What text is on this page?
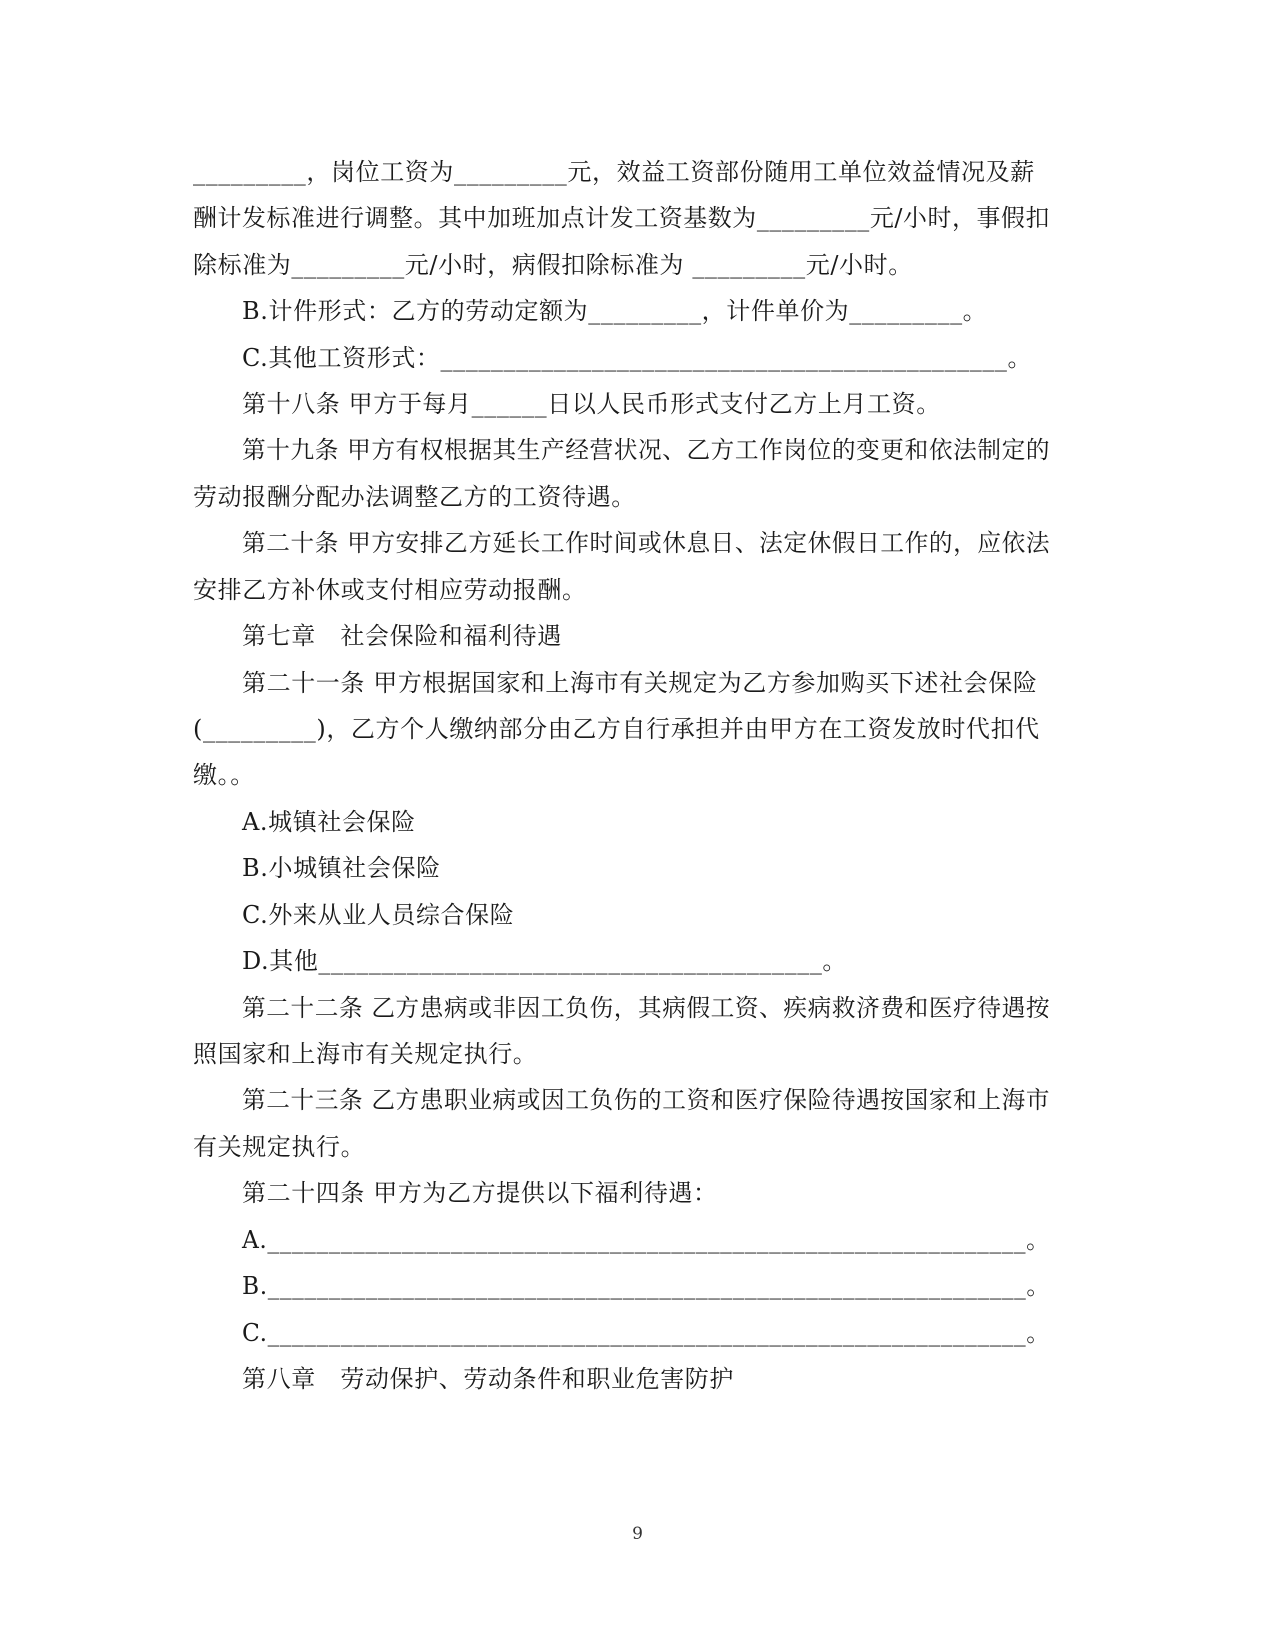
_________，岗位工资为_________元，效益工资部份随用工单位效益情况及薪
酬计发标准进行调整。其中加班加点计发工资基数为_________元/小时，事假扣
除标准为_________元/小时，病假扣除标准为 _________元/小时。
B.计件形式：乙方的劳动定额为_________，计件单价为_________。
C.其他工资形式：_____________________________________________。
第十八条 甲方于每月______日以人民币形式支付乙方上月工资。
第十九条 甲方有权根据其生产经营状况、乙方工作岗位的变更和依法制定的
劳动报酬分配办法调整乙方的工资待遇。
第二十条 甲方安排乙方延长工作时间或休息日、法定休假日工作的，应依法
安排乙方补休或支付相应劳动报酬。
第七章　社会保险和福利待遇
第二十一条 甲方根据国家和上海市有关规定为乙方参加购买下述社会保险
(_________)，乙方个人缴纳部分由乙方自行承担并由甲方在工资发放时代扣代
缴。。
A.城镇社会保险
B.小城镇社会保险
C.外来从业人员综合保险
D.其他________________________________________。
第二十二条 乙方患病或非因工负伤，其病假工资、疾病救济费和医疗待遇按
照国家和上海市有关规定执行。
第二十三条 乙方患职业病或因工负伤的工资和医疗保险待遇按国家和上海市
有关规定执行。
第二十四条 甲方为乙方提供以下福利待遇：
A.______________________________________________________________。
B.______________________________________________________________。
C.______________________________________________________________。
第八章　劳动保护、劳动条件和职业危害防护
9
